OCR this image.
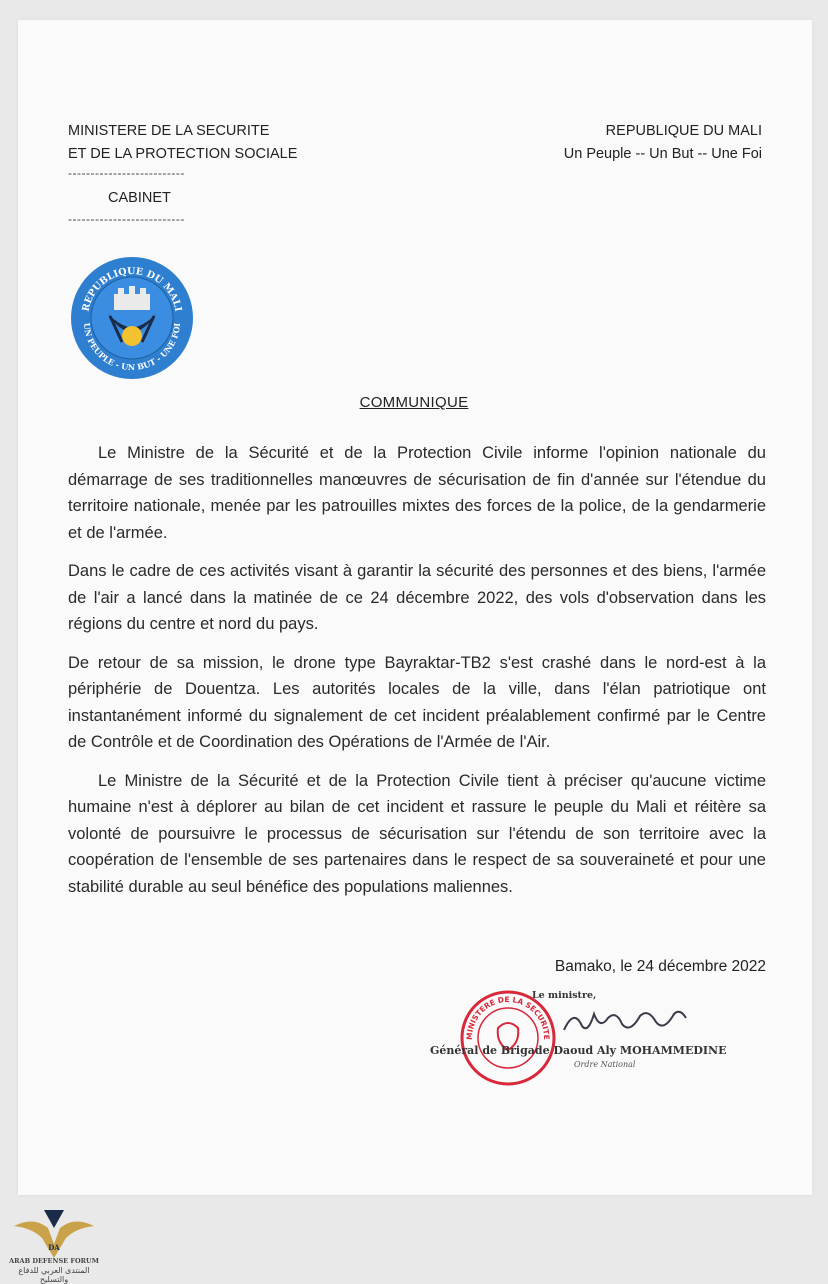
MINISTERE DE LA SECURITE
ET DE LA PROTECTION SOCIALE
--------------------------
CABINET
--------------------------
REPUBLIQUE DU MALI
Un Peuple -- Un But -- Une Foi
REPUBLIQUE DU MALI
UN PEUPLE - UN BUT - UNE FOI
COMMUNIQUE

Le Ministre de la Sécurité et de la Protection Civile informe l'opinion nationale du démarrage de ses traditionnelles manœuvres de sécurisation de fin d'année sur l'étendue du territoire nationale, menée par les patrouilles mixtes des forces de la police, de la gendarmerie et de l'armée.

Dans le cadre de ces activités visant à garantir la sécurité des personnes et des biens, l'armée de l'air a lancé dans la matinée de ce 24 décembre 2022, des vols d'observation dans les régions du centre et nord du pays.

De retour de sa mission, le drone type Bayraktar-TB2 s'est crashé dans le nord-est à la périphérie de Douentza. Les autorités locales de la ville, dans l'élan patriotique ont instantanément informé du signalement de cet incident préalablement confirmé par le Centre de Contrôle et de Coordination des Opérations de l'Armée de l'Air.

Le Ministre de la Sécurité et de la Protection Civile tient à préciser qu'aucune victime humaine n'est à déplorer au bilan de cet incident et rassure le peuple du Mali et réitère sa volonté de poursuivre le processus de sécurisation sur l'étendu de son territoire avec la coopération de l'ensemble de ses partenaires dans le respect de sa souveraineté et pour une stabilité durable au seul bénéfice des populations maliennes.

Bamako, le 24 décembre 2022
MINISTERE DE LA SECURITE
Le ministre,
Général de Brigade Daoud Aly MOHAMMEDINE
Ordre National
DA
ARAB DEFENSE FORUM
المنتدى العربي للدفاع والتسليح
